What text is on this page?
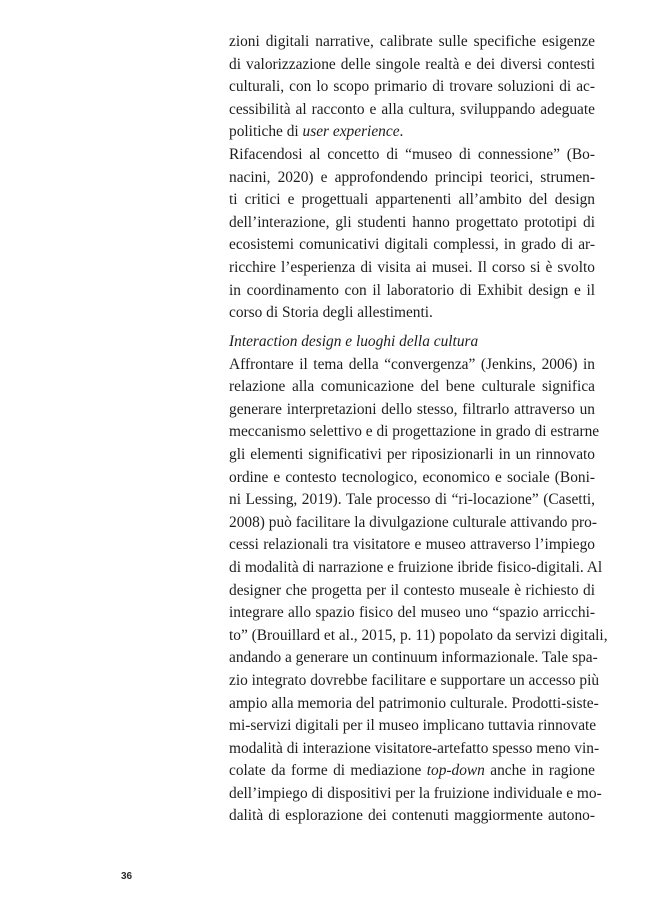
zioni digitali narrative, calibrate sulle specifiche esigenze
di valorizzazione delle singole realtà e dei diversi contesti
culturali, con lo scopo primario di trovare soluzioni di ac-
cessibilità al racconto e alla cultura, sviluppando adeguate
politiche di user experience.
Rifacendosi al concetto di “museo di connessione” (Bo-
nacini, 2020) e approfondendo principi teorici, strumen-
ti critici e progettuali appartenenti all’ambito del design
dell’interazione, gli studenti hanno progettato prototipi di
ecosistemi comunicativi digitali complessi, in grado di ar-
ricchire l’esperienza di visita ai musei. Il corso si è svolto
in coordinamento con il laboratorio di Exhibit design e il
corso di Storia degli allestimenti.
Interaction design e luoghi della cultura
Affrontare il tema della “convergenza” (Jenkins, 2006) in
relazione alla comunicazione del bene culturale significa
generare interpretazioni dello stesso, filtrarlo attraverso un
meccanismo selettivo e di progettazione in grado di estrarne
gli elementi significativi per riposizionarli in un rinnovato
ordine e contesto tecnologico, economico e sociale (Boni-
ni Lessing, 2019). Tale processo di “ri-locazione” (Casetti,
2008) può facilitare la divulgazione culturale attivando pro-
cessi relazionali tra visitatore e museo attraverso l’impiego
di modalità di narrazione e fruizione ibride fisico-digitali. Al
designer che progetta per il contesto museale è richiesto di
integrare allo spazio fisico del museo uno “spazio arricchi-
to” (Brouillard et al., 2015, p. 11) popolato da servizi digitali,
andando a generare un continuum informazionale. Tale spa-
zio integrato dovrebbe facilitare e supportare un accesso più
ampio alla memoria del patrimonio culturale. Prodotti-siste-
mi-servizi digitali per il museo implicano tuttavia rinnovate
modalità di interazione visitatore-artefatto spesso meno vin-
colate da forme di mediazione top-down anche in ragione
dell’impiego di dispositivi per la fruizione individuale e mo-
dalità di esplorazione dei contenuti maggiormente autono-
36
